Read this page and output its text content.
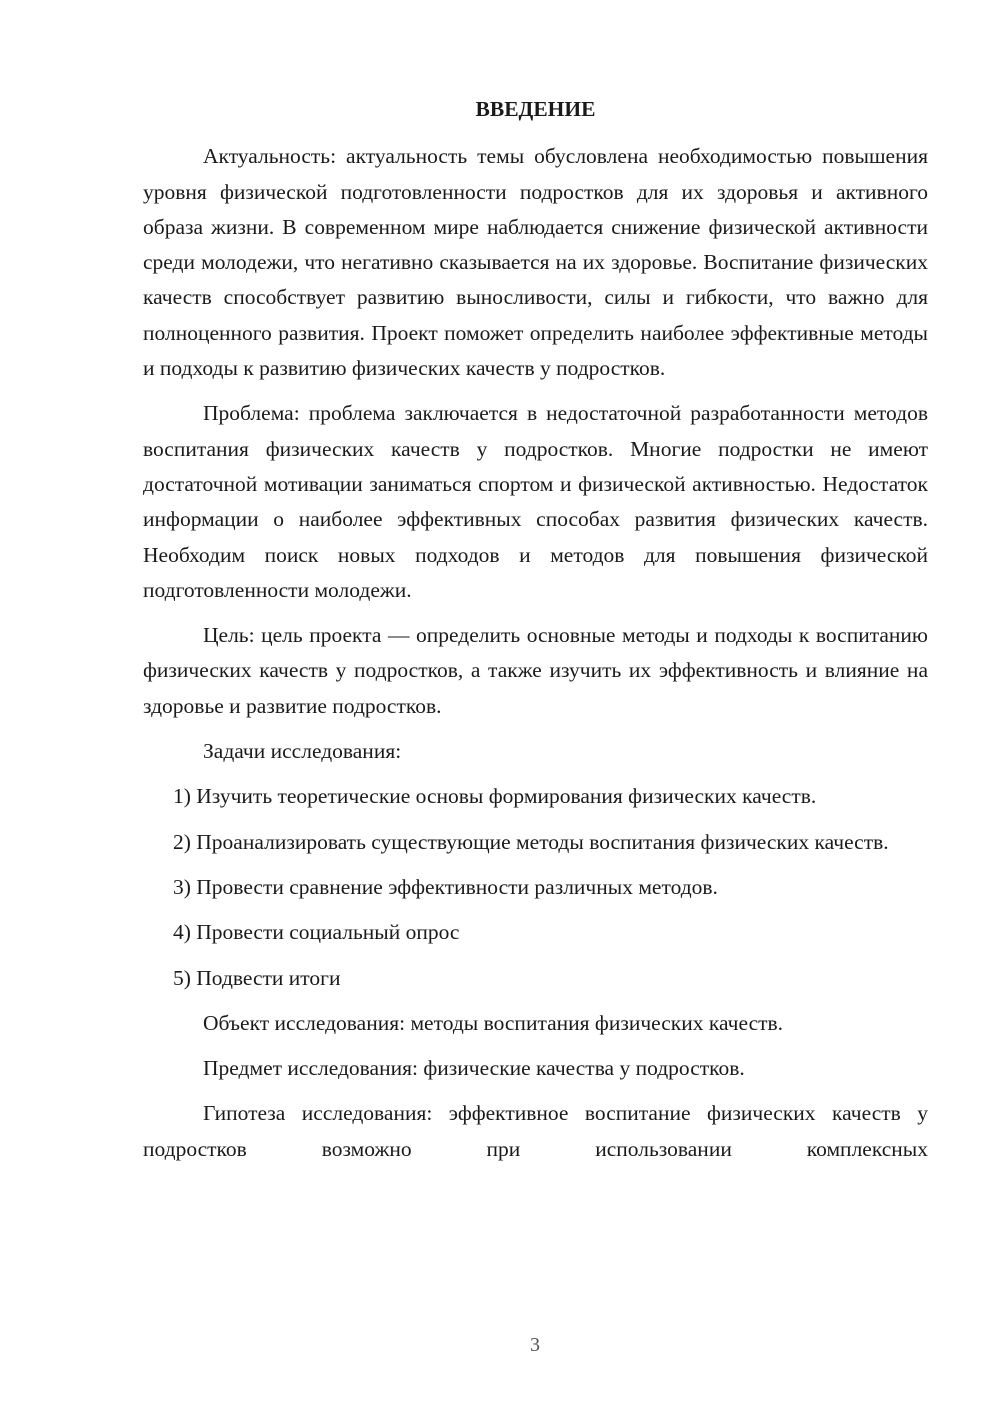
ВВЕДЕНИЕ

Актуальность: актуальность темы обусловлена необходимостью повышения уровня физической подготовленности подростков для их здоровья и активного образа жизни. В современном мире наблюдается снижение физической активности среди молодежи, что негативно сказывается на их здоровье. Воспитание физических качеств способствует развитию выносливости, силы и гибкости, что важно для полноценного развития. Проект поможет определить наиболее эффективные методы и подходы к развитию физических качеств у подростков.

Проблема: проблема заключается в недостаточной разработанности методов воспитания физических качеств у подростков. Многие подростки не имеют достаточной мотивации заниматься спортом и физической активностью. Недостаток информации о наиболее эффективных способах развития физических качеств. Необходим поиск новых подходов и методов для повышения физической подготовленности молодежи.

Цель: цель проекта — определить основные методы и подходы к воспитанию физических качеств у подростков, а также изучить их эффективность и влияние на здоровье и развитие подростков.

Задачи исследования:

1) Изучить теоретические основы формирования физических качеств.

2) Проанализировать существующие методы воспитания физических качеств.

3) Провести сравнение эффективности различных методов.

4) Провести социальный опрос

5) Подвести итоги

Объект исследования: методы воспитания физических качеств.

Предмет исследования: физические качества у подростков.

Гипотеза исследования: эффективное воспитание физических качеств у подростков возможно при использовании комплексных

3
